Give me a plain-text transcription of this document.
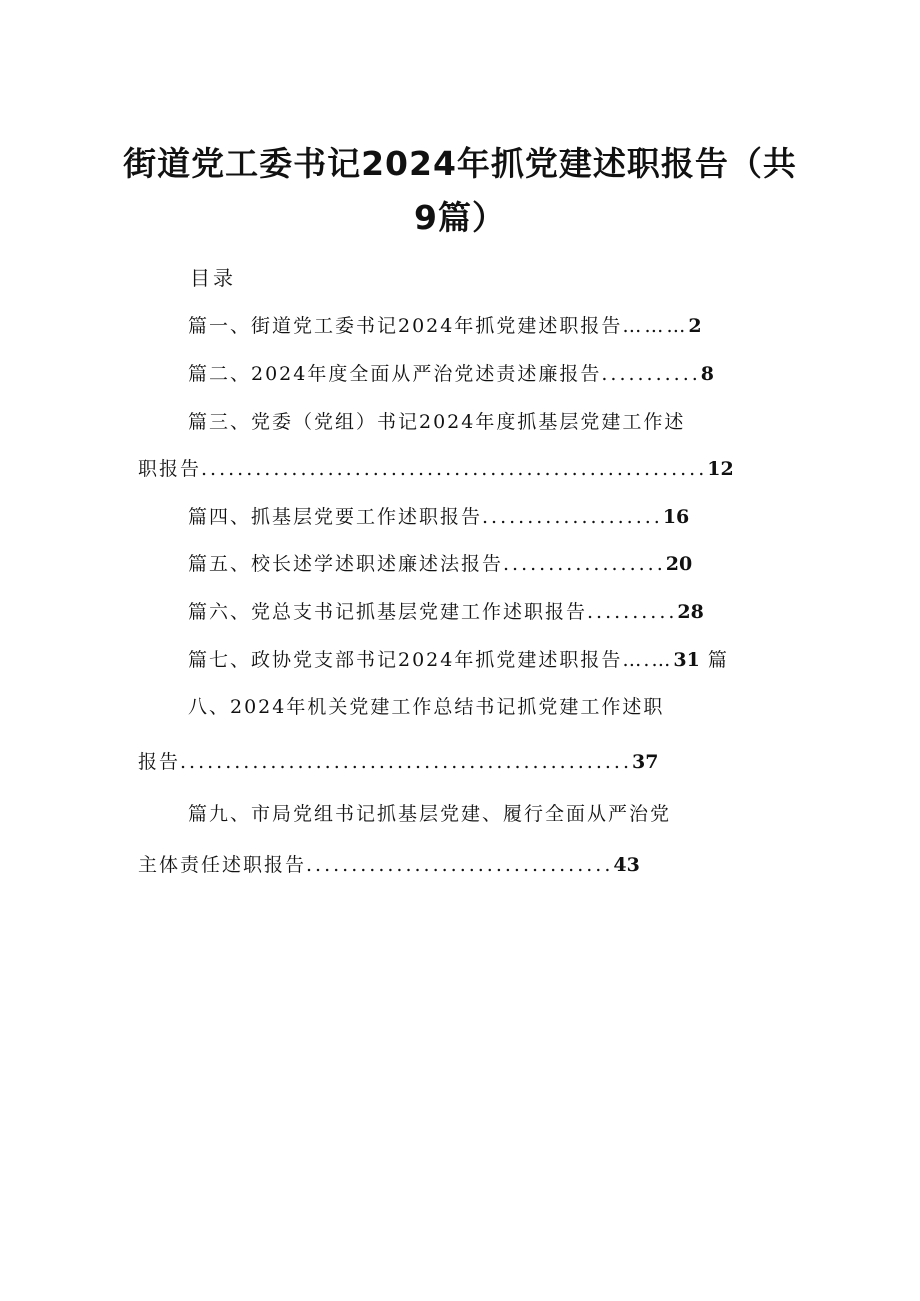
街道党工委书记2024年抓党建述职报告（共
9篇）

目录

篇一、街道党工委书记2024年抓党建述职报告………2
篇二、2024年度全面从严治党述责述廉报告...........8
篇三、党委（党组）书记2024年度抓基层党建工作述
职报告........................................................12
篇四、抓基层党要工作述职报告....................16
篇五、校长述学述职述廉述法报告..................20
篇六、党总支书记抓基层党建工作述职报告..........28
篇七、政协党支部书记2024年抓党建述职报告….…31 篇
八、2024年机关党建工作总结书记抓党建工作述职
报告..................................................37
篇九、市局党组书记抓基层党建、履行全面从严治党
主体责任述职报告..................................43
